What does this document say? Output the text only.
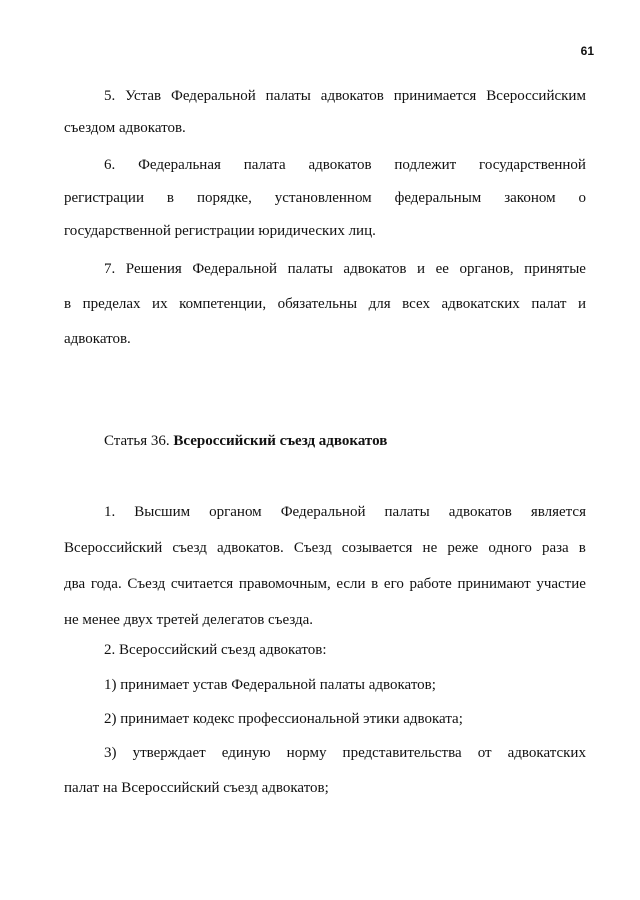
61
5. Устав Федеральной палаты адвокатов принимается Всероссийским
съездом адвокатов.
6. Федеральная палата адвокатов подлежит государственной
регистрации в порядке, установленном федеральным законом о
государственной регистрации юридических лиц.
7. Решения Федеральной палаты адвокатов и ее органов, принятые
в пределах их компетенции, обязательны для всех адвокатских палат и
адвокатов.
Статья 36. Всероссийский съезд адвокатов
1. Высшим органом Федеральной палаты адвокатов является
Всероссийский съезд адвокатов. Съезд созывается не реже одного раза в
два года. Съезд считается правомочным, если в его работе принимают участие
не менее двух третей делегатов съезда.
2. Всероссийский съезд адвокатов:
1) принимает устав Федеральной палаты адвокатов;
2) принимает кодекс профессиональной этики адвоката;
3) утверждает единую норму представительства от адвокатских
палат на Всероссийский съезд адвокатов;
